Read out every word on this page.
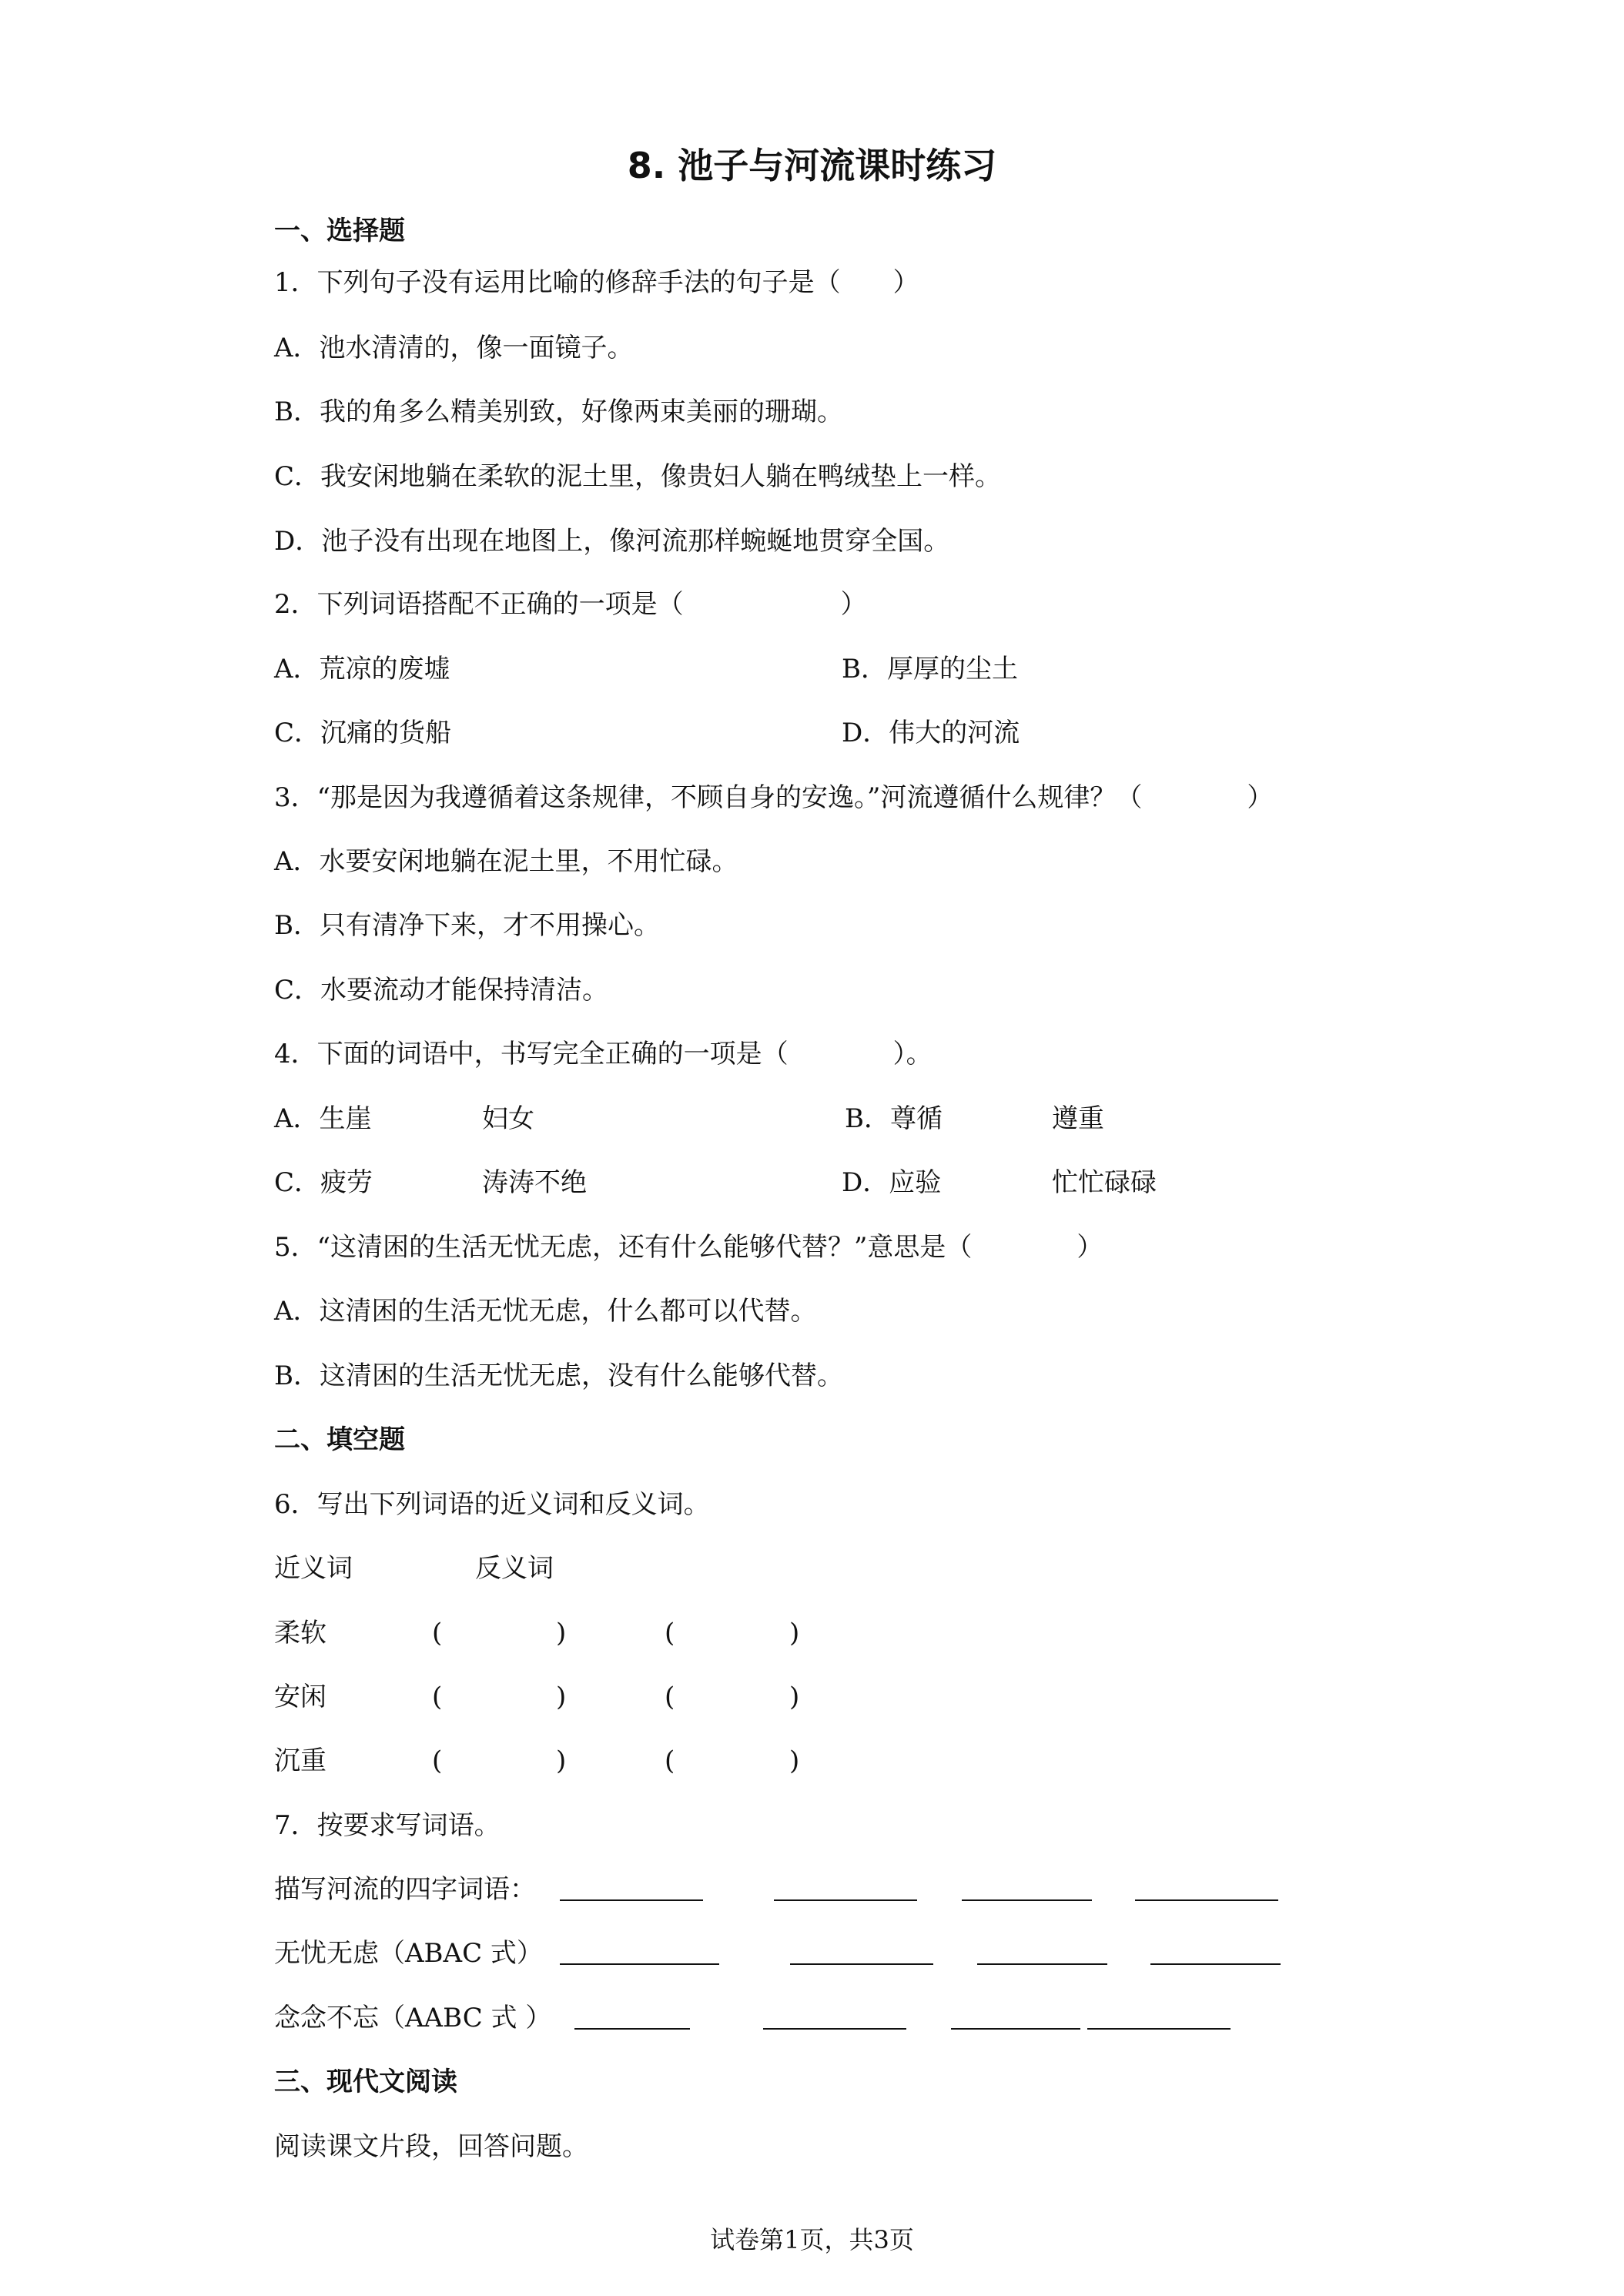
8. 池子与河流课时练习
一、选择题
1．下列句子没有运用比喻的修辞手法的句子是（　　）
A．池水清清的，像一面镜子。
B．我的角多么精美别致，好像两束美丽的珊瑚。
C．我安闲地躺在柔软的泥土里，像贵妇人躺在鸭绒垫上一样。
D．池子没有出现在地图上，像河流那样蜿蜒地贯穿全国。
2．下列词语搭配不正确的一项是（　　　　　　）
A．荒凉的废墟	B．厚厚的尘土
C．沉痛的货船	D．伟大的河流
3．“那是因为我遵循着这条规律，不顾自身的安逸。”河流遵循什么规律？（　　　　）
A．水要安闲地躺在泥土里，不用忙碌。
B．只有清净下来，才不用操心。
C．水要流动才能保持清洁。
4．下面的词语中，书写完全正确的一项是（　　　　）。
A．生崖	妇女	B．尊循	遵重
C．疲劳	涛涛不绝	D．应验	忙忙碌碌
5．“这清困的生活无忧无虑，还有什么能够代替？”意思是（　　　　）
A．这清困的生活无忧无虑，什么都可以代替。
B．这清困的生活无忧无虑，没有什么能够代替。
二、填空题
6．写出下列词语的近义词和反义词。
近义词	反义词
柔软	(	)	(	)
安闲	(	)	(	)
沉重	(	)	(	)
7．按要求写词语。
描写河流的四字词语：
无忧无虑（ABAC 式）
念念不忘（AABC 式 ）
三、现代文阅读
阅读课文片段，回答问题。
试卷第1页，共3页
